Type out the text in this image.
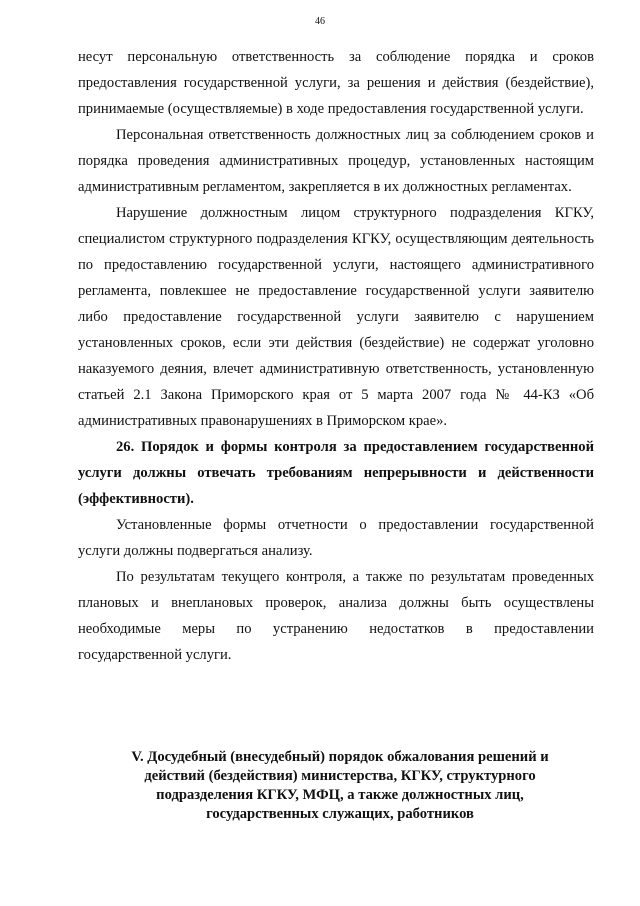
46

несут персональную ответственность за соблюдение порядка и сроков предоставления государственной услуги, за решения и действия (бездействие), принимаемые (осуществляемые) в ходе предоставления государственной услуги.

Персональная ответственность должностных лиц за соблюдением сроков и порядка проведения административных процедур, установленных настоящим административным регламентом, закрепляется в их должностных регламентах.

Нарушение должностным лицом структурного подразделения КГКУ, специалистом структурного подразделения КГКУ, осуществляющим деятельность по предоставлению государственной услуги, настоящего административного регламента, повлекшее не предоставление государственной услуги заявителю либо предоставление государственной услуги заявителю с нарушением установленных сроков, если эти действия (бездействие) не содержат уголовно наказуемого деяния, влечет административную ответственность, установленную статьей 2.1 Закона Приморского края от 5 марта 2007 года № 44-КЗ «Об административных правонарушениях в Приморском крае».

26. Порядок и формы контроля за предоставлением государственной услуги должны отвечать требованиям непрерывности и действенности (эффективности).

Установленные формы отчетности о предоставлении государственной услуги должны подвергаться анализу.

По результатам текущего контроля, а также по результатам проведенных плановых и внеплановых проверок, анализа должны быть осуществлены необходимые меры по устранению недостатков в предоставлении государственной услуги.

V. Досудебный (внесудебный) порядок обжалования решений и действий (бездействия) министерства, КГКУ, структурного подразделения КГКУ, МФЦ, а также должностных лиц, государственных служащих, работников
